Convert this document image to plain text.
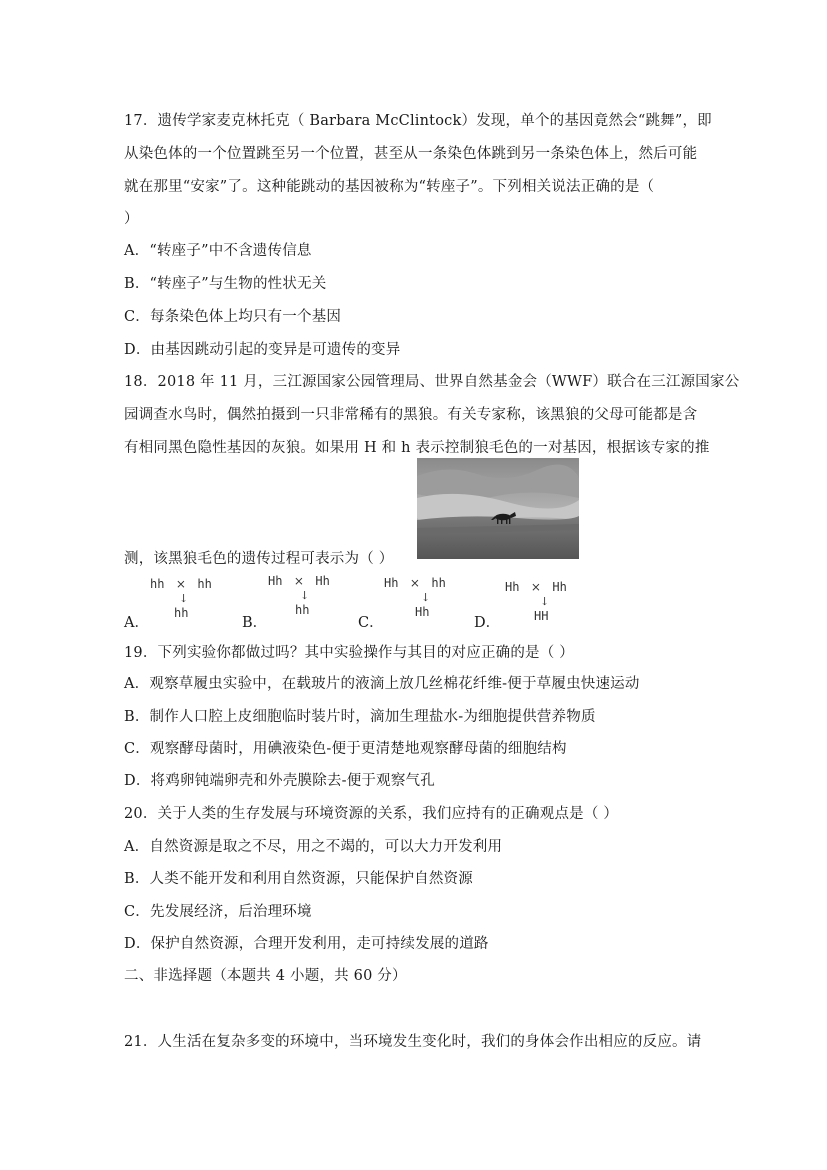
17．遗传学家麦克林托克（ Barbara McClintock）发现，单个的基因竟然会“跳舞”，即
从染色体的一个位置跳至另一个位置，甚至从一条染色体跳到另一条染色体上，然后可能
就在那里“安家”了。这种能跳动的基因被称为“转座子”。下列相关说法正确的是（
）
A．“转座子”中不含遗传信息
B．“转座子”与生物的性状无关
C．每条染色体上均只有一个基因
D．由基因跳动引起的变异是可遗传的变异
18．2018 年 11 月，三江源国家公园管理局、世界自然基金会（WWF）联合在三江源国家公
园调查水鸟时，偶然拍摄到一只非常稀有的黑狼。有关专家称，该黑狼的父母可能都是含
有相同黑色隐性基因的灰狼。如果用 H 和 h 表示控制狼毛色的一对基因，根据该专家的推
测，该黑狼毛色的遗传过程可表示为（ ）
hh × hh
↓
hh
A．
Hh × Hh
↓
hh
B．
Hh × hh
↓
Hh
C．
Hh × Hh
↓
HH
D．
19．下列实验你都做过吗？其中实验操作与其目的对应正确的是（ ）
A．观察草履虫实验中，在载玻片的液滴上放几丝棉花纤维-便于草履虫快速运动
B．制作人口腔上皮细胞临时装片时，滴加生理盐水-为细胞提供营养物质
C．观察酵母菌时，用碘液染色-便于更清楚地观察酵母菌的细胞结构
D．将鸡卵钝端卵壳和外壳膜除去-便于观察气孔
20．关于人类的生存发展与环境资源的关系，我们应持有的正确观点是（ ）
A．自然资源是取之不尽，用之不竭的，可以大力开发利用
B．人类不能开发和利用自然资源，只能保护自然资源
C．先发展经济，后治理环境
D．保护自然资源，合理开发利用，走可持续发展的道路
二、非选择题（本题共 4 小题，共 60 分）
21．人生活在复杂多变的环境中，当环境发生变化时，我们的身体会作出相应的反应。请
